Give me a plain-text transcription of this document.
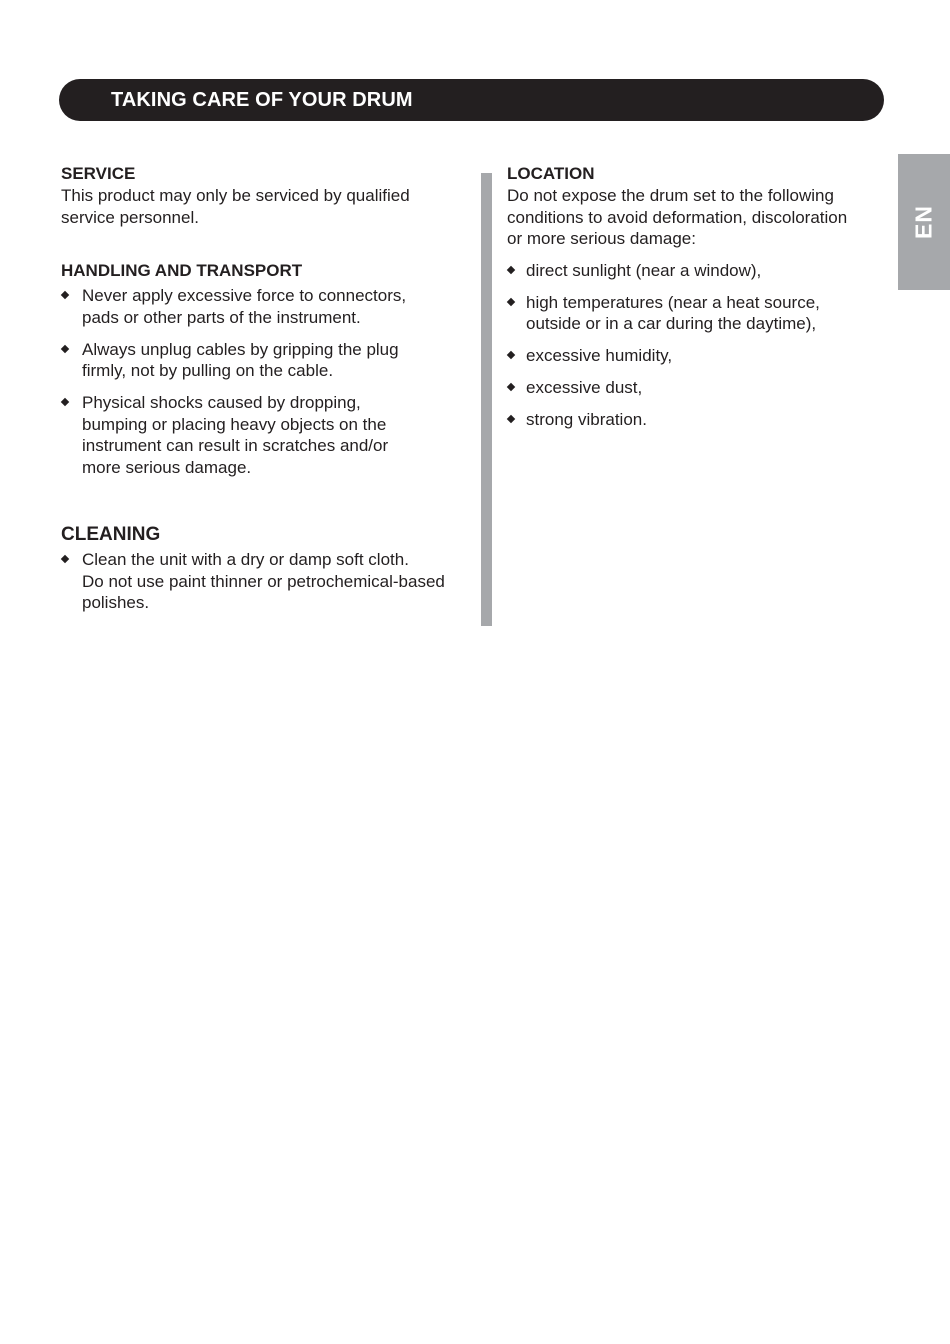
TAKING CARE OF YOUR DRUM
EN
SERVICE

This product may only be serviced by qualified
service personnel.

HANDLING AND TRANSPORT
Never apply excessive force to connectors,
pads or other parts of the instrument.
Always unplug cables by gripping the plug
firmly, not by pulling on the cable.
Physical shocks caused by dropping,
bumping or placing heavy objects on the
instrument can result in scratches and/or
more serious damage.
CLEANING
Clean the unit with a dry or damp soft cloth.
Do not use paint thinner or petrochemical-based
polishes.
LOCATION

Do not expose the drum set to the following
conditions to avoid deformation, discoloration
or more serious damage:

direct sunlight (near a window),
high temperatures (near a heat source,
outside or in a car during the daytime),
excessive humidity,
excessive dust,
strong vibration.
